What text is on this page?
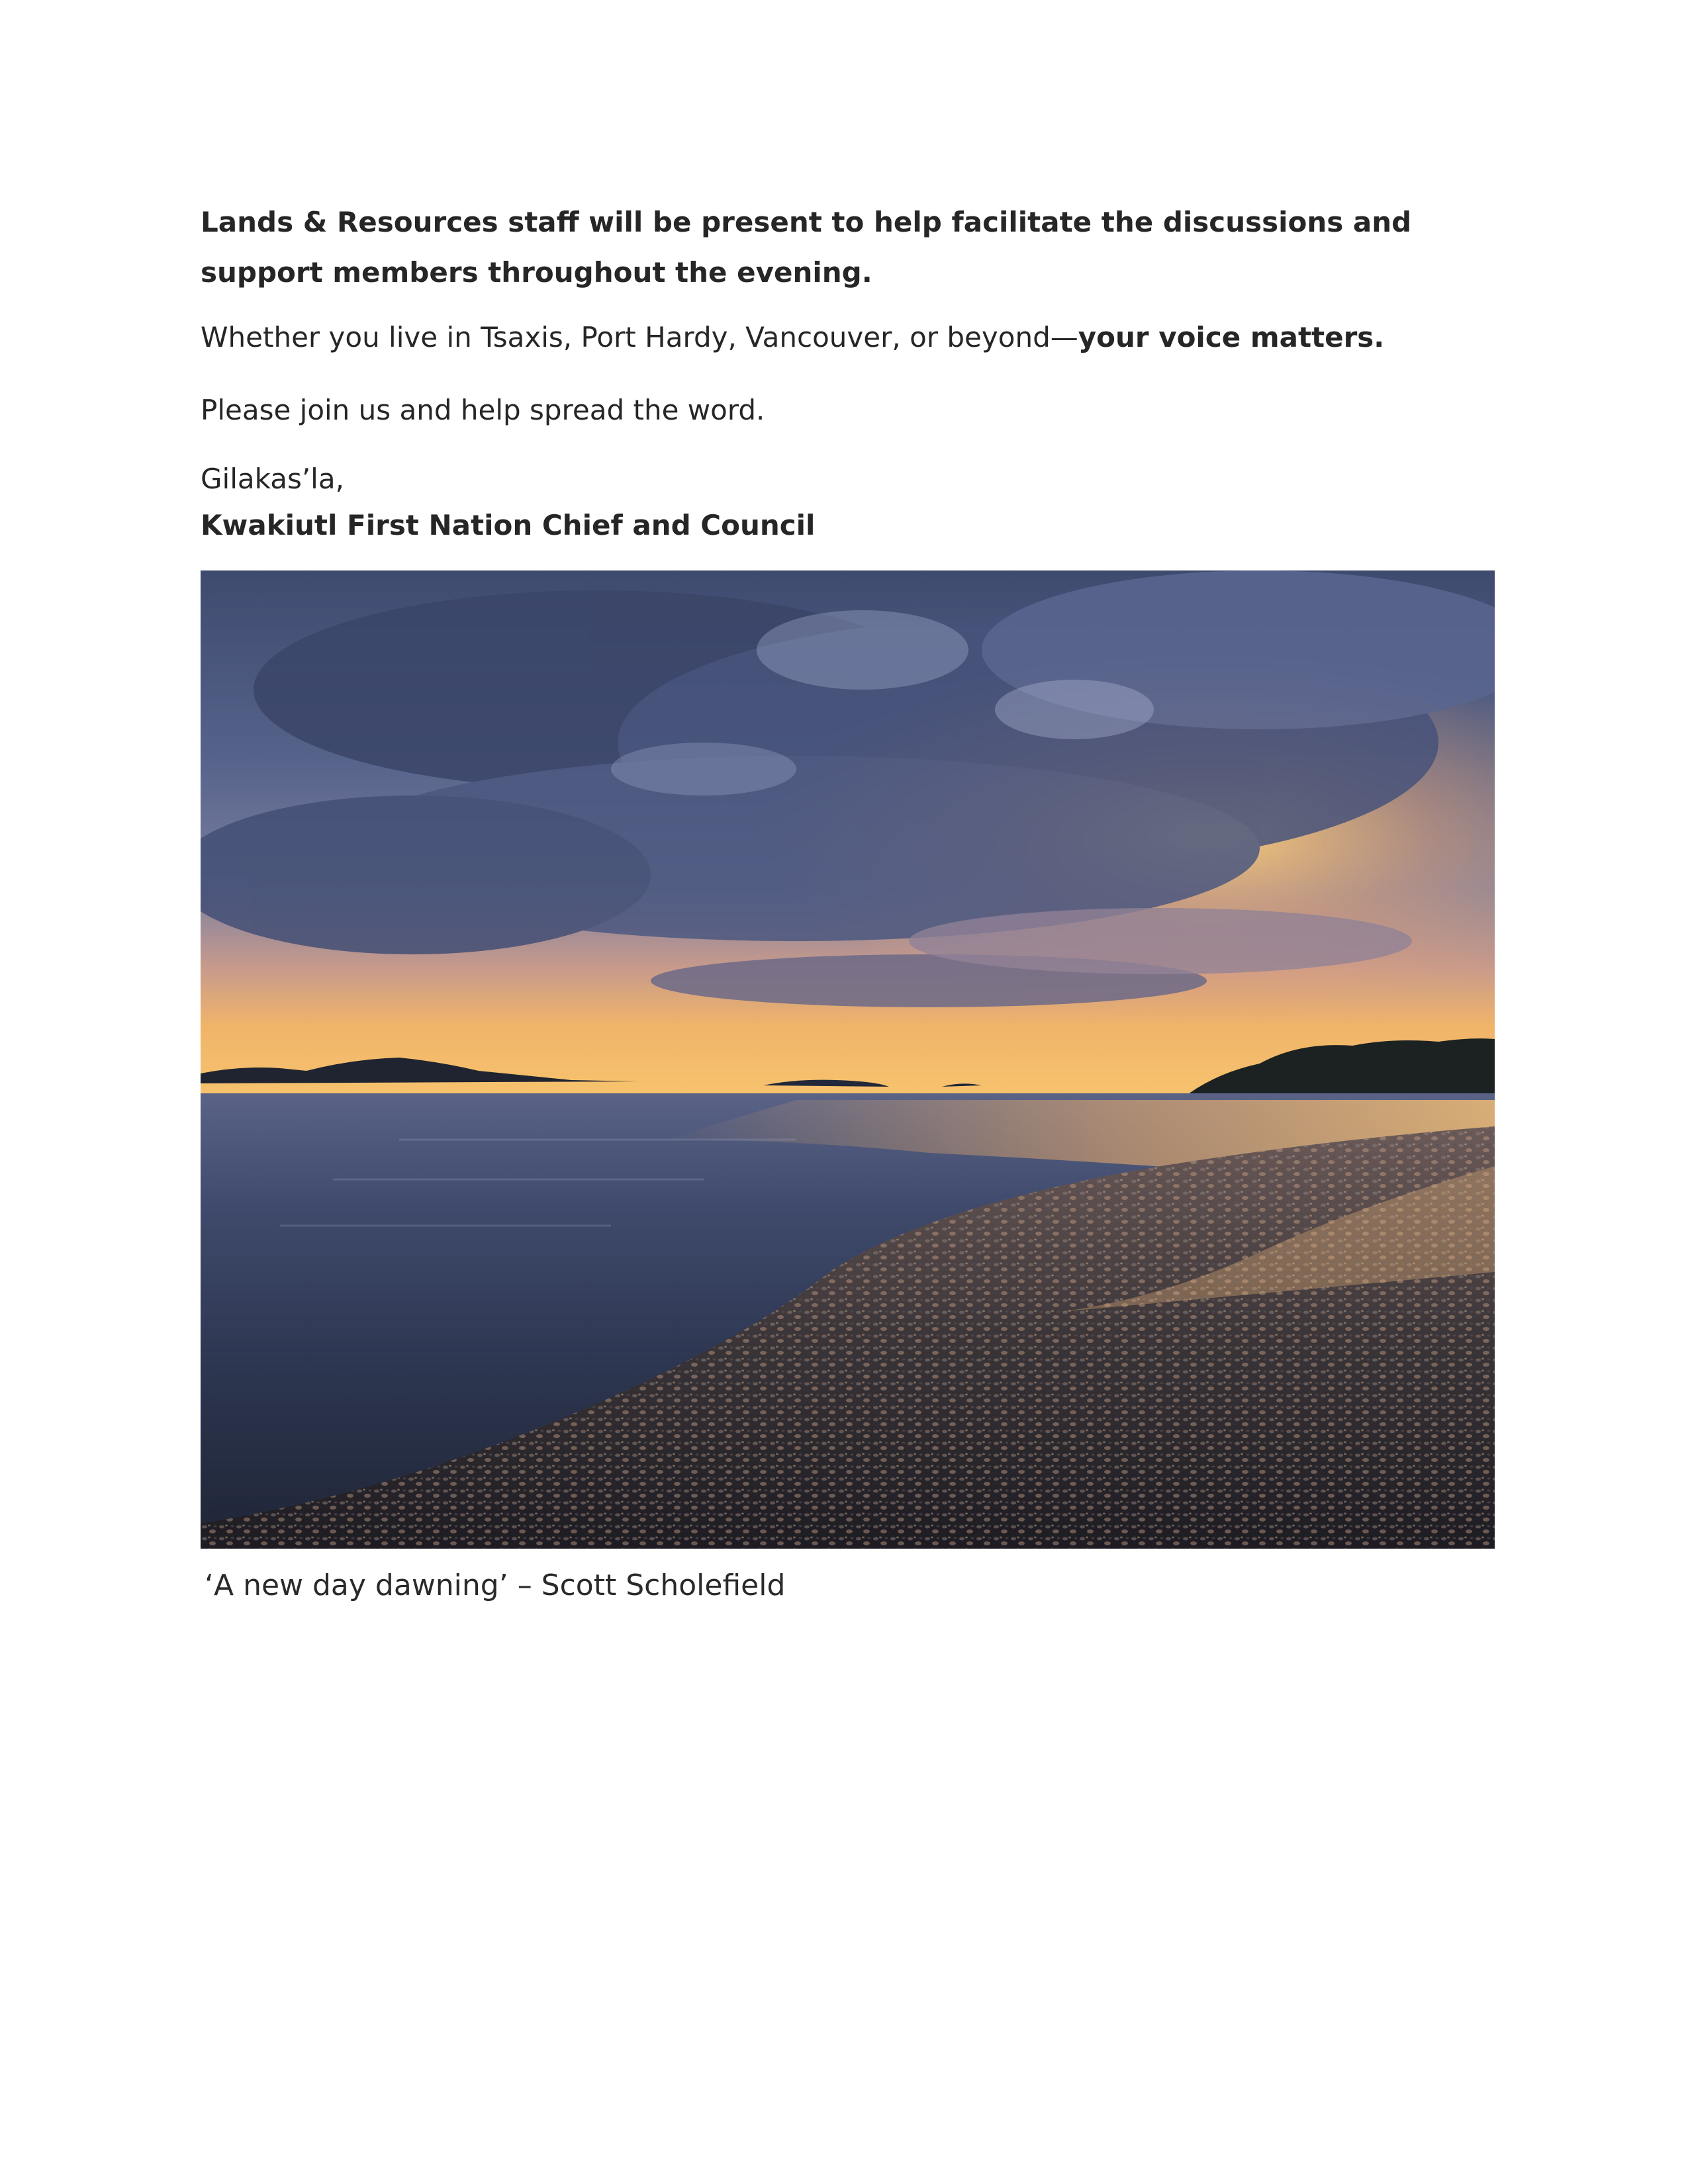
Lands & Resources staff will be present to help facilitate the discussions and support members throughout the evening.

Whether you live in Tsaxis, Port Hardy, Vancouver, or beyond—your voice matters.

Please join us and help spread the word.

Gilakas’la,

Kwakiutl First Nation Chief and Council

‘A new day dawning’ – Scott Scholefield
